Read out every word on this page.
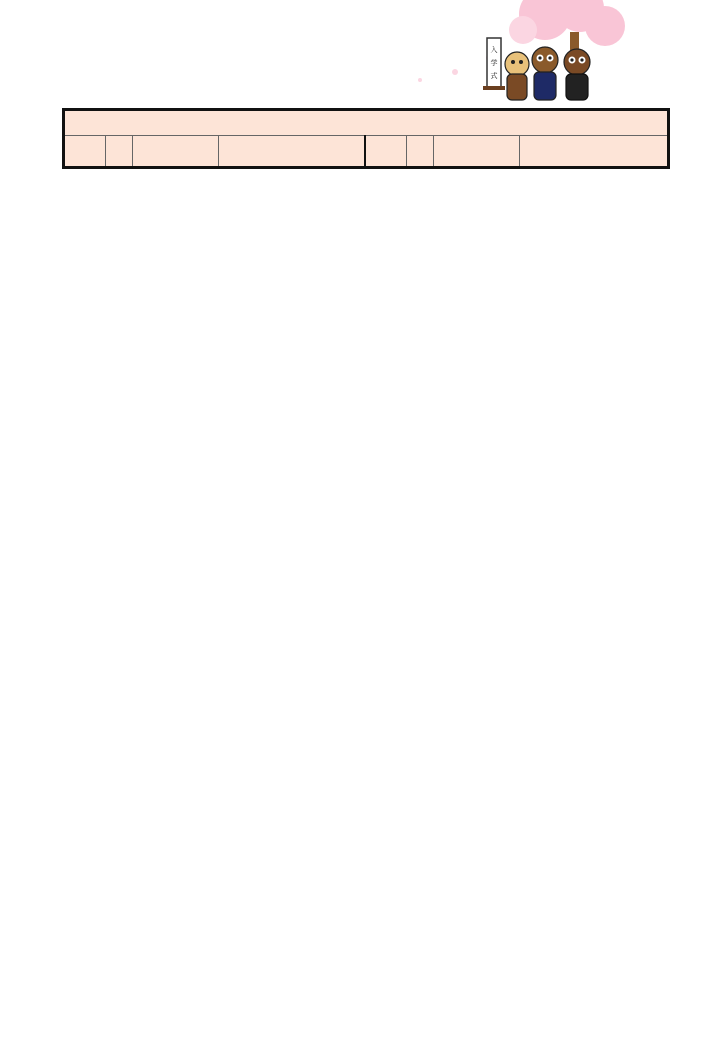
入
学
式
